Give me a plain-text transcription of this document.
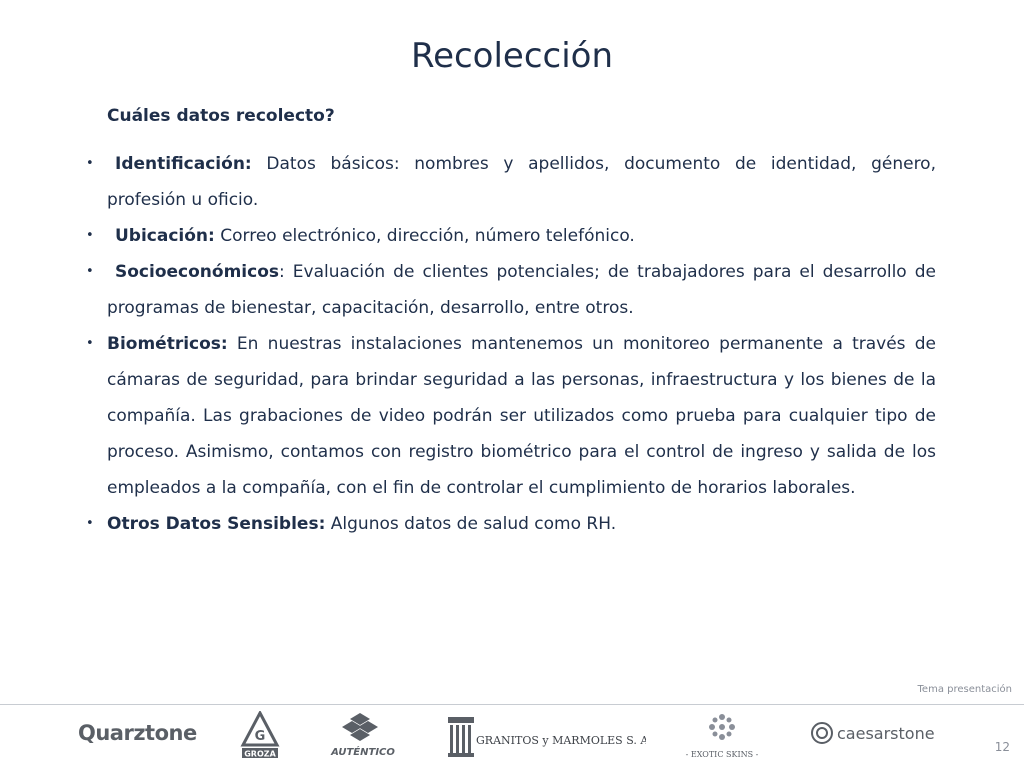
Recolección
Cuáles datos recolecto?

•	Identificación: Datos básicos: nombres y apellidos, documento de identidad, género, profesión u oficio.

•	Ubicación: Correo electrónico, dirección, número telefónico.

•	Socioeconómicos: Evaluación de clientes potenciales; de trabajadores para el desarrollo de programas de bienestar, capacitación, desarrollo, entre otros.

• Biométricos: En nuestras instalaciones mantenemos un monitoreo permanente a través de cámaras de seguridad, para brindar seguridad a las personas, infraestructura y los bienes de la compañía. Las grabaciones de video podrán ser utilizados como prueba para cualquier tipo de proceso. Asimismo, contamos con registro biométrico para el control de ingreso y salida de los empleados a la compañía, con el fin de controlar el cumplimiento de horarios laborales.

• Otros Datos Sensibles: Algunos datos de salud como RH.

Tema presentación
Quarztone	G
GROZA	AUTÉNTICO
GRANITOS y MARMOLES S. A.
- EXOTIC SKINS -
caesarstone
12
